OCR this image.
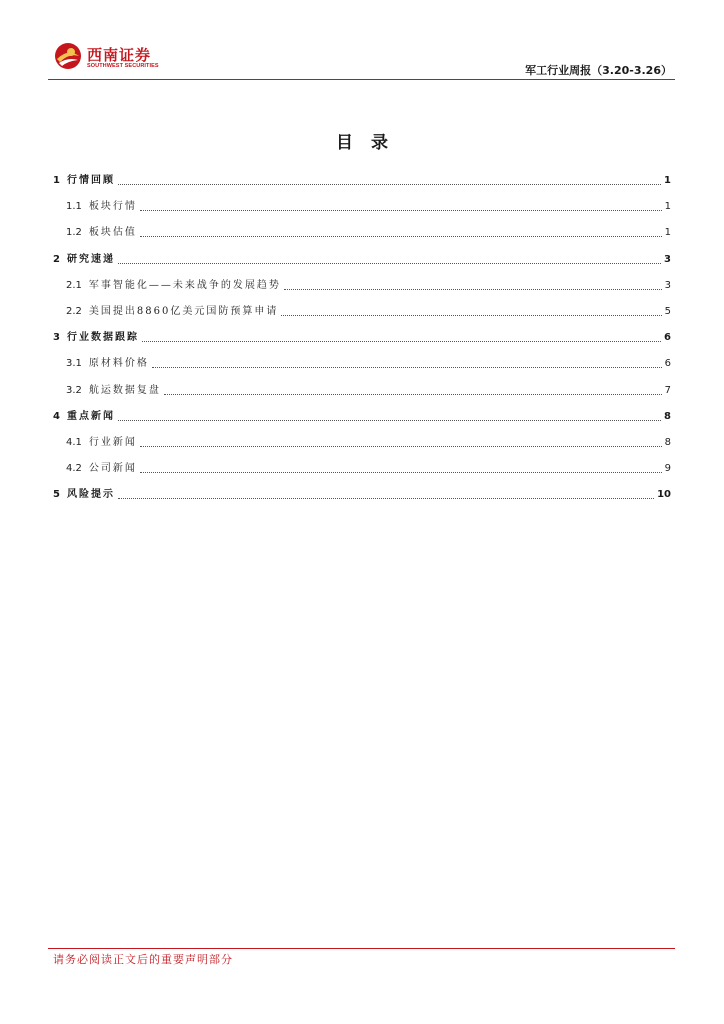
西南证券
SOUTHWEST SECURITIES	军工行业周报（3.20-3.26）
目录
1 行情回顾	1
1.1 板块行情	1
1.2 板块估值	1
2 研究速递	3
2.1 军事智能化——未来战争的发展趋势	3
2.2 美国提出8860亿美元国防预算申请	5
3 行业数据跟踪	6
3.1 原材料价格	6
3.2 航运数据复盘	7
4 重点新闻	8
4.1 行业新闻	8
4.2 公司新闻	9
5 风险提示	10
请务必阅读正文后的重要声明部分
